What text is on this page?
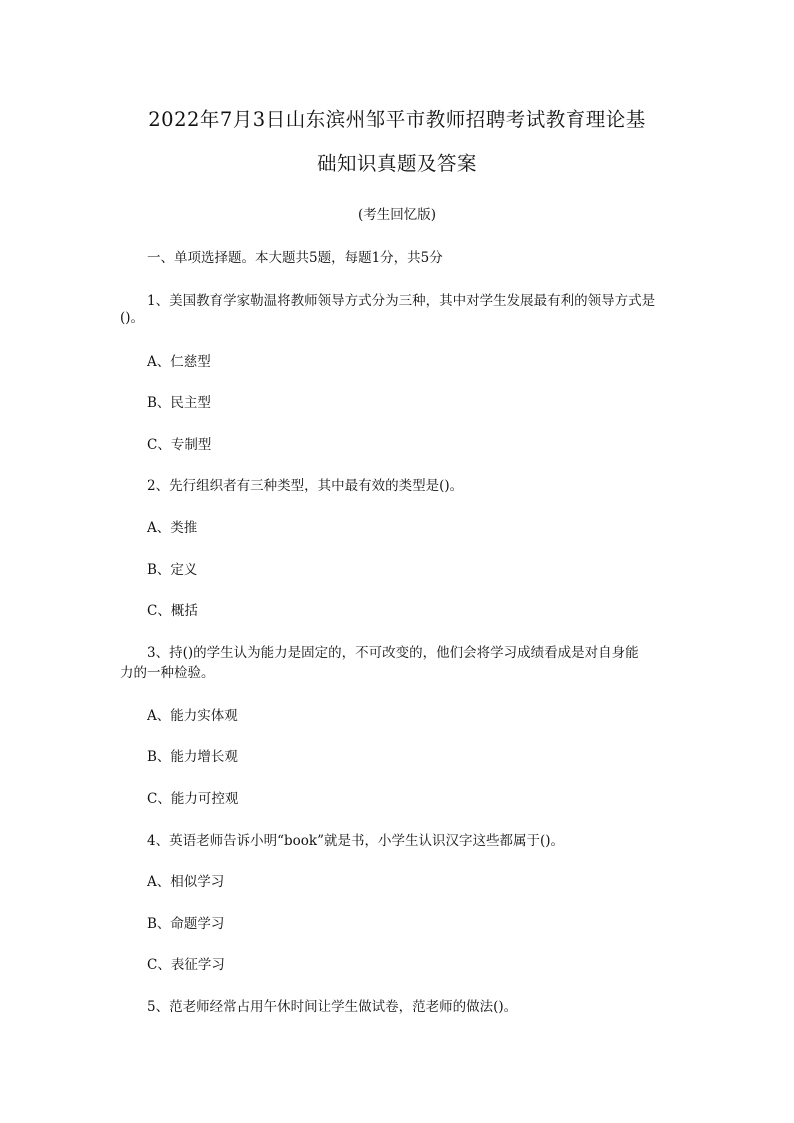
2022年7月3日山东滨州邹平市教师招聘考试教育理论基
础知识真题及答案
(考生回忆版)
一、单项选择题。本大题共5题，每题1分，共5分
1、美国教育学家勒温将教师领导方式分为三种，其中对学生发展最有利的领导方式是
()。
A、仁慈型
B、民主型
C、专制型
2、先行组织者有三种类型，其中最有效的类型是()。
A、类推
B、定义
C、概括
3、持()的学生认为能力是固定的，不可改变的，他们会将学习成绩看成是对自身能
力的一种检验。
A、能力实体观
B、能力增长观
C、能力可控观
4、英语老师告诉小明“book”就是书，小学生认识汉字这些都属于()。
A、相似学习
B、命题学习
C、表征学习
5、范老师经常占用午休时间让学生做试卷，范老师的做法()。
